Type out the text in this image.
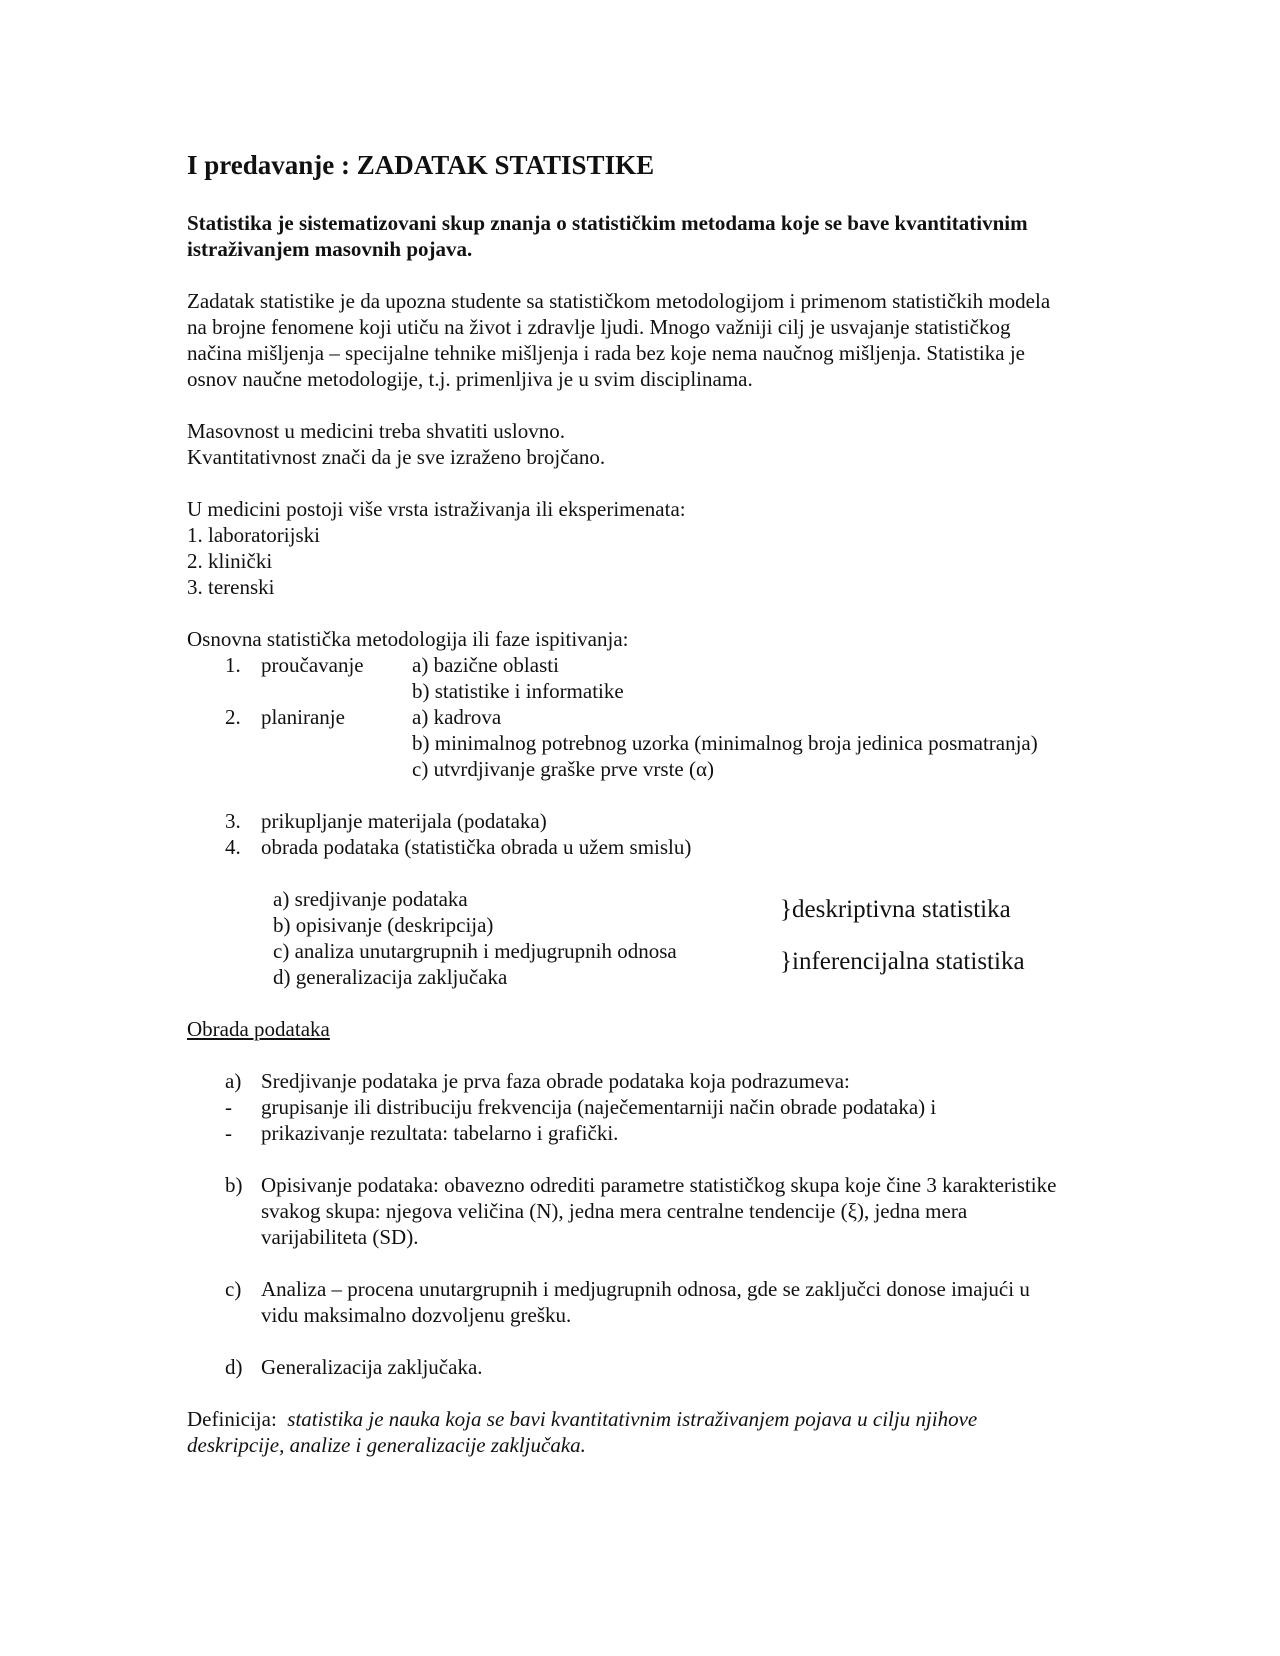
I predavanje : ZADATAK STATISTIKE

Statistika je sistematizovani skup znanja o statističkim metodama koje se bave kvantitativnim
istraživanjem masovnih pojava.

Zadatak statistike je da upozna studente sa statističkom metodologijom i primenom statističkih modela
na brojne fenomene koji utiču na život i zdravlje ljudi. Mnogo važniji cilj je usvajanje statističkog
načina mišljenja – specijalne tehnike mišljenja i rada bez koje nema naučnog mišljenja. Statistika je
osnov naučne metodologije, t.j. primenljiva je u svim disciplinama.

Masovnost u medicini treba shvatiti uslovno.
Kvantitativnost znači da je sve izraženo brojčano.

U medicini postoji više vrsta istraživanja ili eksperimenata:
1. laboratorijski
2. klinički
3. terenski

Osnovna statistička metodologija ili faze ispitivanja:
1. proučavanje a) bazične oblasti
b) statistike i informatike
2. planiranje	a) kadrova
b) minimalnog potrebnog uzorka (minimalnog broja jedinica posmatranja)
c) utvrdjivanje graške prve vrste (α)
3. prikupljanje materijala (podataka)
4. obrada podataka (statistička obrada u užem smislu)
a) sredjivanje podataka
b) opisivanje (deskripcija)
c) analiza unutargrupnih i medjugrupnih odnosa
d) generalizacija zaključaka
}deskriptivna statistika
}inferencijalna statistika

Obrada podataka

a) Sredjivanje podataka je prva faza obrade podataka koja podrazumeva:
- grupisanje ili distribuciju frekvencija (naječementarniji način obrade podataka) i
- prikazivanje rezultata: tabelarno i grafički.
b) Opisivanje podataka: obavezno odrediti parametre statističkog skupa koje čine 3 karakteristike
svakog skupa: njegova veličina (N), jedna mera centralne tendencije (ξ), jedna mera
varijabiliteta (SD).
c) Analiza – procena unutargrupnih i medjugrupnih odnosa, gde se zaključci donose imajući u
vidu maksimalno dozvoljenu grešku.
d) Generalizacija zaključaka.

Definicija: statistika je nauka koja se bavi kvantitativnim istraživanjem pojava u cilju njihove
deskripcije, analize i generalizacije zaključaka.
